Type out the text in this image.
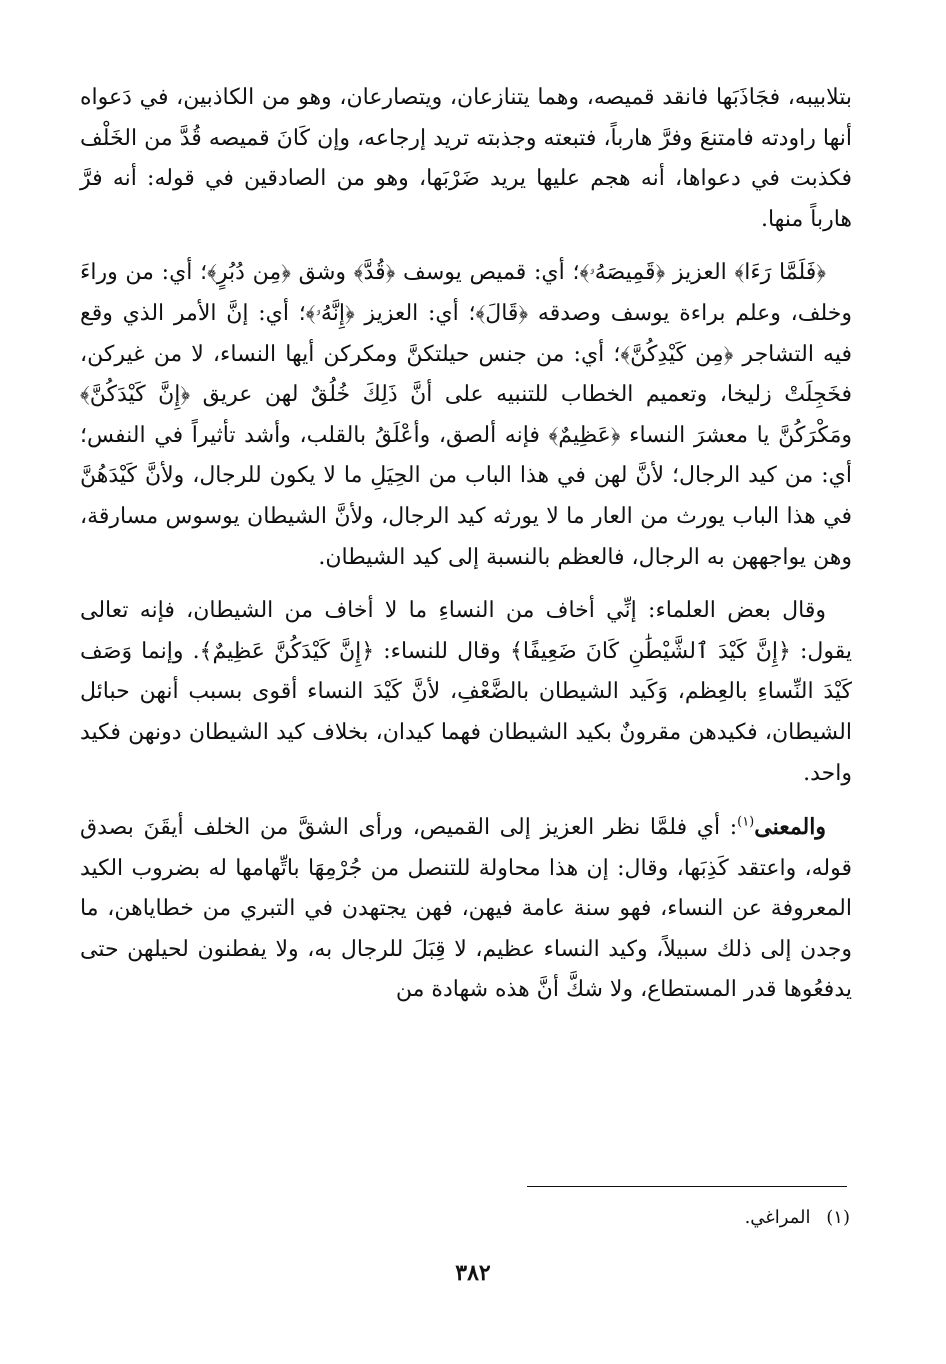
بتلابيبه، فجَاذَبَها فانقد قميصه، وهما يتنازعان، ويتصارعان، وهو من الكاذبين، في دَعواه أنها راودته فامتنعَ وفرَّ هارباً، فتبعته وجذبته تريد إرجاعه، وإن كَانَ قميصه قُدَّ من الخَلْف فكذبت في دعواها، أنه هجم عليها يريد ضَرْبَها، وهو من الصادقين في قوله: أنه فرَّ هارباً منها.

﴿فَلَمَّا رَءَا﴾ العزيز ﴿قَمِيصَهُۥ﴾؛ أي: قميص يوسف ﴿قُدَّ﴾ وشق ﴿مِن دُبُرٍ﴾؛ أي: من وراءَ وخلف، وعلم براءة يوسف وصدقه ﴿قَالَ﴾؛ أي: العزيز ﴿إِنَّهُۥ﴾؛ أي: إنَّ الأمر الذي وقع فيه التشاجر ﴿مِن كَيْدِكُنَّ﴾؛ أي: من جنس حيلتكنَّ ومكركن أيها النساء، لا من غيركن، فخَجِلَتْ زليخا، وتعميم الخطاب للتنبيه على أنَّ ذَلِكَ خُلُقٌ لهن عريق ﴿إِنَّ كَيْدَكُنَّ﴾ ومَكْرَكُنَّ يا معشرَ النساء ﴿عَظِيمٌ﴾ فإنه ألصق، وأعْلَقُ بالقلب، وأشد تأثيراً في النفس؛ أي: من كيد الرجال؛ لأنَّ لهن في هذا الباب من الحِيَلِ ما لا يكون للرجال، ولأنَّ كَيْدَهُنَّ في هذا الباب يورث من العار ما لا يورثه كيد الرجال، ولأنَّ الشيطان يوسوس مسارقة، وهن يواجههن به الرجال، فالعظم بالنسبة إلى كيد الشيطان.

وقال بعض العلماء: إنِّي أخاف من النساءِ ما لا أخاف من الشيطان، فإنه تعالى يقول: ﴿إِنَّ كَيْدَ ٱلشَّيْطَٰنِ كَانَ ضَعِيفًا﴾ وقال للنساء: ﴿إِنَّ كَيْدَكُنَّ عَظِيمٌ﴾. وإنما وَصَف كَيْدَ النِّساءِ بالعِظم، وَكَيد الشيطان بالضَّعْفِ، لأنَّ كَيْدَ النساء أقوى بسبب أنهن حبائل الشيطان، فكيدهن مقرونٌ بكيد الشيطان فهما كيدان، بخلاف كيد الشيطان دونهن فكيد واحد.

والمعنى$^{(١)}$: أي فلمَّا نظر العزيز إلى القميص، ورأى الشقَّ من الخلف أيقَنَ بصدق قوله، واعتقد كَذِبَها، وقال: إن هذا محاولة للتنصل من جُرْمِهَا باتِّهامها له بضروب الكيد المعروفة عن النساء، فهو سنة عامة فيهن، فهن يجتهدن في التبري من خطاياهن، ما وجدن إلى ذلك سبيلاً، وكيد النساء عظيم، لا قِبَلَ للرجال به، ولا يفطنون لحيلهن حتى يدفعُوها قدر المستطاع، ولا شكَّ أنَّ هذه شهادة من

(١) المراغي.
٣٨٢
